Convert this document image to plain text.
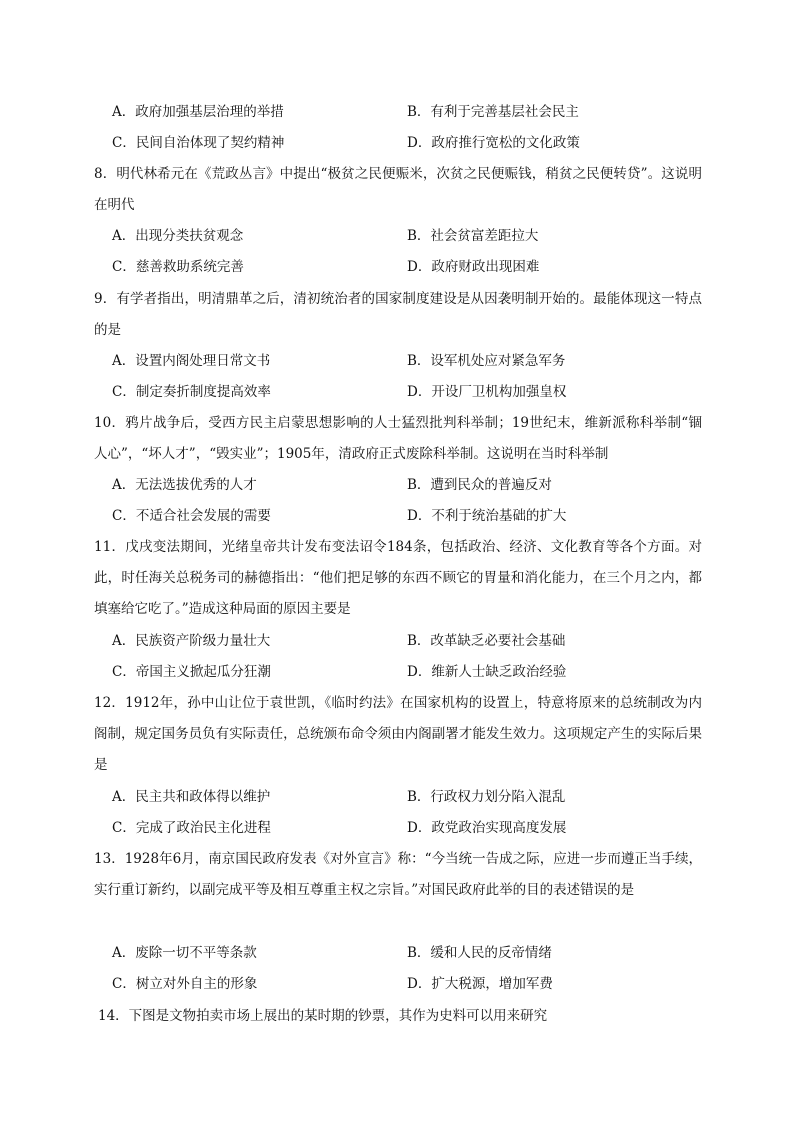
A．政府加强基层治理的举措	B．有利于完善基层社会民主
C．民间自治体现了契约精神	D．政府推行宽松的文化政策
8．明代林希元在《荒政丛言》中提出“极贫之民便赈米，次贫之民便赈钱，稍贫之民便转贷”。这说明在明代
A．出现分类扶贫观念	B．社会贫富差距拉大
C．慈善救助系统完善	D．政府财政出现困难
9．有学者指出，明清鼎革之后，清初统治者的国家制度建设是从因袭明制开始的。最能体现这一特点的是
A．设置内阁处理日常文书	B．设军机处应对紧急军务
C．制定奏折制度提高效率	D．开设厂卫机构加强皇权
10．鸦片战争后，受西方民主启蒙思想影响的人士猛烈批判科举制；19世纪末，维新派称科举制“锢人心”，“坏人才”，“毁实业”；1905年，清政府正式废除科举制。这说明在当时科举制
A．无法选拔优秀的人才	B．遭到民众的普遍反对
C．不适合社会发展的需要	D．不利于统治基础的扩大
11．戊戌变法期间，光绪皇帝共计发布变法诏令184条，包括政治、经济、文化教育等各个方面。对此，时任海关总税务司的赫德指出：“他们把足够的东西不顾它的胃量和消化能力，在三个月之内，都填塞给它吃了。”造成这种局面的原因主要是
A．民族资产阶级力量壮大	B．改革缺乏必要社会基础
C．帝国主义掀起瓜分狂潮	D．维新人士缺乏政治经验
12．1912年，孙中山让位于袁世凯，《临时约法》在国家机构的设置上，特意将原来的总统制改为内阁制，规定国务员负有实际责任，总统颁布命令须由内阁副署才能发生效力。这项规定产生的实际后果是
A．民主共和政体得以维护	B．行政权力划分陷入混乱
C．完成了政治民主化进程	D．政党政治实现高度发展
13．1928年6月，南京国民政府发表《对外宣言》称：“今当统一告成之际，应进一步而遵正当手续，实行重订新约，以副完成平等及相互尊重主权之宗旨。”对国民政府此举的目的表述错误的是
A．废除一切不平等条款	B．缓和人民的反帝情绪
C．树立对外自主的形象	D．扩大税源，增加军费
14．下图是文物拍卖市场上展出的某时期的钞票，其作为史料可以用来研究
